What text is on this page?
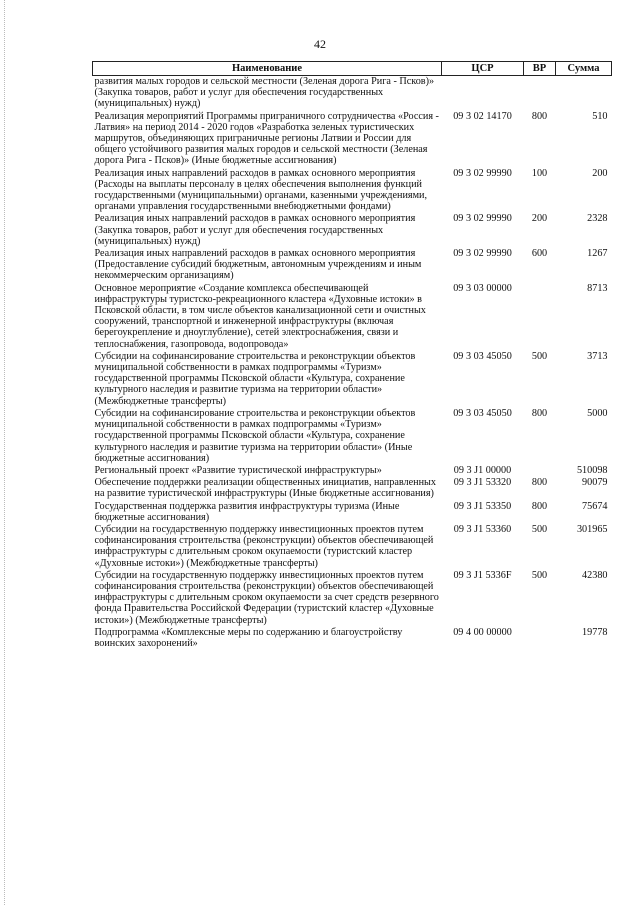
42
Наименование	ЦСР	ВР	Сумма
развития малых городов и сельской местности (Зеленая дорога Рига - Псков)» (Закупка товаров, работ и услуг для обеспечения государственных (муниципальных) нужд)			
Реализация мероприятий Программы приграничного сотрудничества «Россия - Латвия» на период 2014 - 2020 годов «Разработка зеленых туристических маршрутов, объединяющих приграничные регионы Латвии и России для общего устойчивого развития малых городов и сельской местности (Зеленая дорога Рига - Псков)» (Иные бюджетные ассигнования)	09 3 02 14170	800	510
Реализация иных направлений расходов в рамках основного мероприятия (Расходы на выплаты персоналу в целях обеспечения выполнения функций государственными (муниципальными) органами, казенными учреждениями, органами управления государственными внебюджетными фондами)	09 3 02 99990	100	200
Реализация иных направлений расходов в рамках основного мероприятия (Закупка товаров, работ и услуг для обеспечения государственных (муниципальных) нужд)	09 3 02 99990	200	2328
Реализация иных направлений расходов в рамках основного мероприятия (Предоставление субсидий бюджетным, автономным учреждениям и иным некоммерческим организациям)	09 3 02 99990	600	1267
Основное мероприятие «Создание комплекса обеспечивающей инфраструктуры туристско-рекреационного кластера «Духовные истоки» в Псковской области, в том числе объектов канализационной сети и очистных сооружений, транспортной и инженерной инфраструктуры (включая берегоукрепление и дноуглубление), сетей электроснабжения, связи и теплоснабжения, газопровода, водопровода»	09 3 03 00000		8713
Субсидии на софинансирование строительства и реконструкции объектов муниципальной собственности в рамках подпрограммы «Туризм» государственной программы Псковской области «Культура, сохранение культурного наследия и развитие туризма на территории области» (Межбюджетные трансферты)	09 3 03 45050	500	3713
Субсидии на софинансирование строительства и реконструкции объектов муниципальной собственности в рамках подпрограммы «Туризм» государственной программы Псковской области «Культура, сохранение культурного наследия и развитие туризма на территории области» (Иные бюджетные ассигнования)	09 3 03 45050	800	5000
Региональный проект «Развитие туристической инфраструктуры»	09 3 J1 00000		510098
Обеспечение поддержки реализации общественных инициатив, направленных на развитие туристической инфраструктуры (Иные бюджетные ассигнования)	09 3 J1 53320	800	90079
Государственная поддержка развития инфраструктуры туризма (Иные бюджетные ассигнования)	09 3 J1 53350	800	75674
Субсидии на государственную поддержку инвестиционных проектов путем софинансирования строительства (реконструкции) объектов обеспечивающей инфраструктуры с длительным сроком окупаемости (туристский кластер «Духовные истоки») (Межбюджетные трансферты)	09 3 J1 53360	500	301965
Субсидии на государственную поддержку инвестиционных проектов путем софинансирования строительства (реконструкции) объектов обеспечивающей инфраструктуры с длительным сроком окупаемости за счет средств резервного фонда Правительства Российской Федерации (туристский кластер «Духовные истоки») (Межбюджетные трансферты)	09 3 J1 5336F	500	42380
Подпрограмма «Комплексные меры по содержанию и благоустройству воинских захоронений»	09 4 00 00000		19778
